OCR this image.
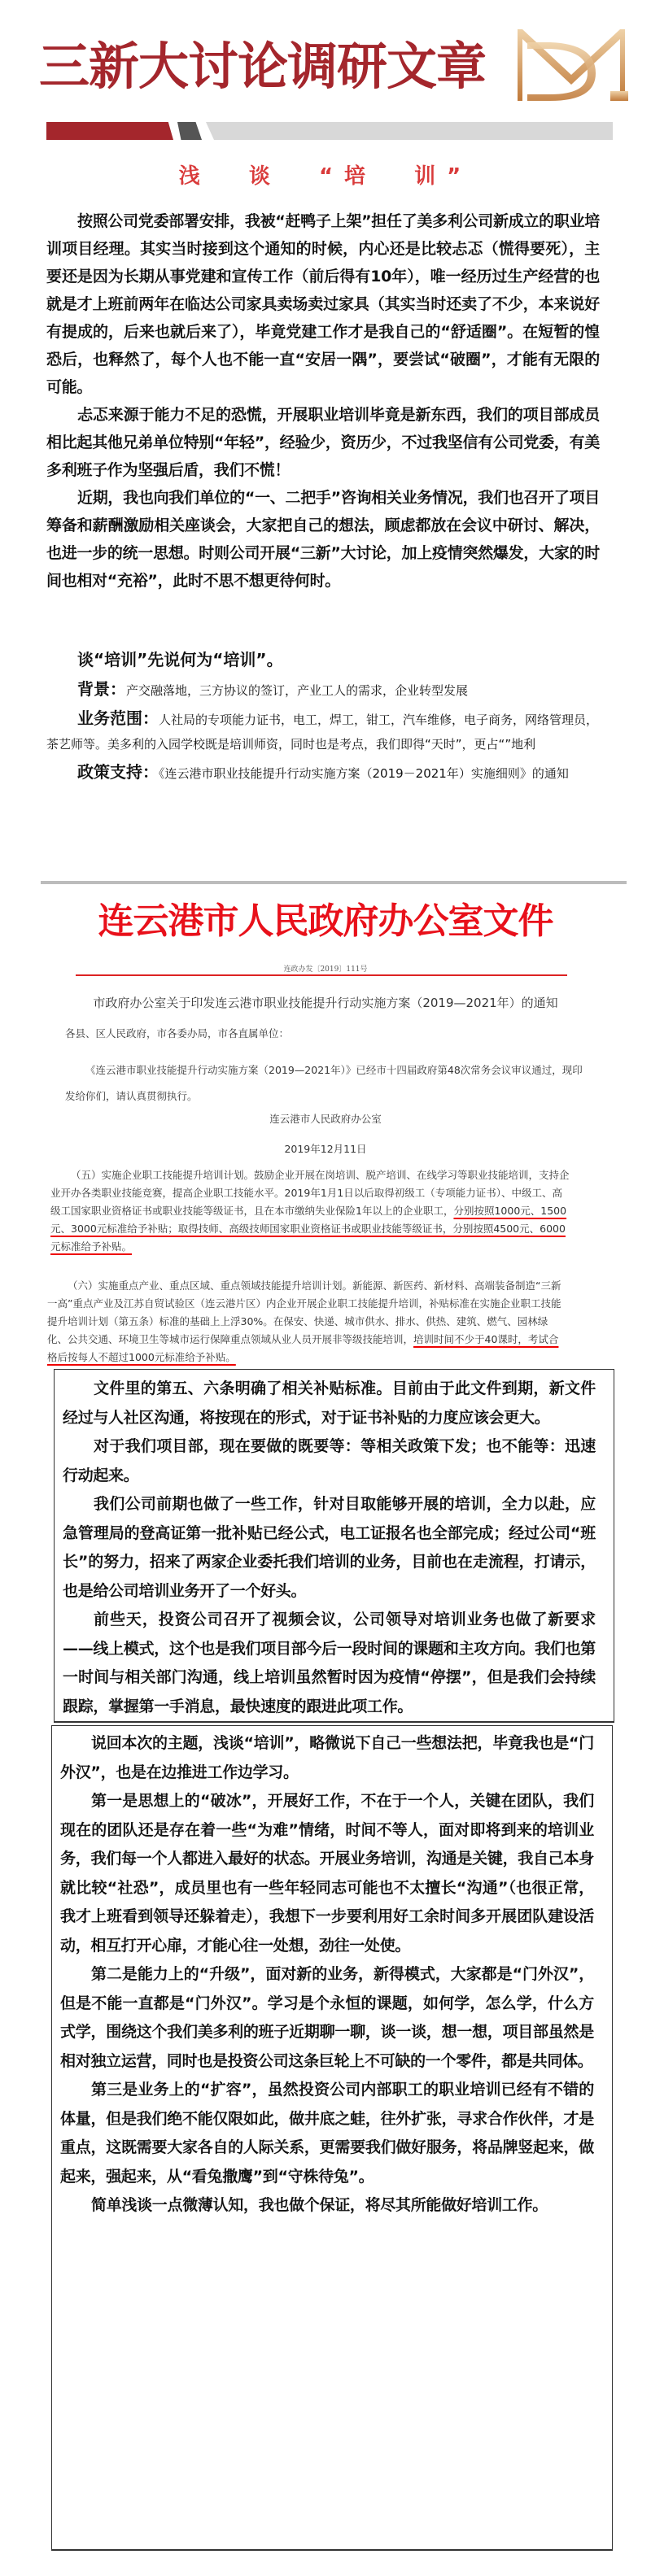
三新大讨论调研文章
浅  谈  “培  训”

按照公司党委部署安排，我被“赶鸭子上架”担任了美多利公司新成立的职业培训项目经理。其实当时接到这个通知的时候，内心还是比较忐忑（慌得要死），主要还是因为长期从事党建和宣传工作（前后得有10年），唯一经历过生产经营的也就是才上班前两年在临达公司家具卖场卖过家具（其实当时还卖了不少，本来说好有提成的，后来也就后来了），毕竟党建工作才是我自己的“舒适圈”。在短暂的惶恐后，也释然了，每个人也不能一直“安居一隅”，要尝试“破圈”，才能有无限的可能。

忐忑来源于能力不足的恐慌，开展职业培训毕竟是新东西，我们的项目部成员相比起其他兄弟单位特别“年轻”，经验少，资历少，不过我坚信有公司党委，有美多利班子作为坚强后盾，我们不慌！

近期，我也向我们单位的“一、二把手”咨询相关业务情况，我们也召开了项目筹备和薪酬激励相关座谈会，大家把自己的想法，顾虑都放在会议中研讨、解决，也进一步的统一思想。时则公司开展“三新”大讨论，加上疫情突然爆发，大家的时间也相对“充裕”，此时不思不想更待何时。

谈“培训”先说何为“培训”。

背景：产交融落地，三方协议的签订，产业工人的需求，企业转型发展

业务范围：人社局的专项能力证书，电工，焊工，钳工，汽车维修，电子商务，网络管理员，茶艺师等。美多利的入园学校既是培训师资，同时也是考点，我们即得“天时”，更占“”地利

政策支持：《连云港市职业技能提升行动实施方案（2019－2021年）实施细则》的通知

连云港市人民政府办公室文件
连政办发〔2019〕111号
市政府办公室关于印发连云港市职业技能提升行动实施方案（2019—2021年）的通知
各县、区人民政府，市各委办局，市各直属单位：
《连云港市职业技能提升行动实施方案（2019—2021年）》已经市十四届政府第48次常务会议审议通过，现印发给你们，请认真贯彻执行。
连云港市人民政府办公室
2019年12月11日

（五）实施企业职工技能提升培训计划。鼓励企业开展在岗培训、脱产培训、在线学习等职业技能培训，支持企业开办各类职业技能竞赛，提高企业职工技能水平。2019年1月1日以后取得初级工（专项能力证书）、中级工、高级工国家职业资格证书或职业技能等级证书，且在本市缴纳失业保险1年以上的企业职工，分别按照1000元、1500元、3000元标准给予补贴；取得技师、高级技师国家职业资格证书或职业技能等级证书，分别按照4500元、6000元标准给予补贴。

（六）实施重点产业、重点区域、重点领域技能提升培训计划。新能源、新医药、新材料、高端装备制造“三新一高”重点产业及江苏自贸试验区（连云港片区）内企业开展企业职工技能提升培训，补贴标准在实施企业职工技能提升培训计划（第五条）标准的基础上上浮30%。在保安、快递、城市供水、排水、供热、建筑、燃气、园林绿化、公共交通、环境卫生等城市运行保障重点领域从业人员开展非等级技能培训，培训时间不少于40课时，考试合格后按每人不超过1000元标准给予补贴。

文件里的第五、六条明确了相关补贴标准。目前由于此文件到期，新文件经过与人社区沟通，将按现在的形式，对于证书补贴的力度应该会更大。

对于我们项目部，现在要做的既要等：等相关政策下发；也不能等：迅速行动起来。

我们公司前期也做了一些工作，针对目取能够开展的培训，全力以赴，应急管理局的登高证第一批补贴已经公式，电工证报名也全部完成；经过公司“班长”的努力，招来了两家企业委托我们培训的业务，目前也在走流程，打请示，也是给公司培训业务开了一个好头。

前些天，投资公司召开了视频会议，公司领导对培训业务也做了新要求——线上模式，这个也是我们项目部今后一段时间的课题和主攻方向。我们也第一时间与相关部门沟通，线上培训虽然暂时因为疫情“停摆”，但是我们会持续跟踪，掌握第一手消息，最快速度的跟进此项工作。

说回本次的主题，浅谈“培训”，略微说下自己一些想法把，毕竟我也是“门外汉”，也是在边推进工作边学习。

第一是思想上的“破冰”，开展好工作，不在于一个人，关键在团队，我们现在的团队还是存在着一些“为难”情绪，时间不等人，面对即将到来的培训业务，我们每一个人都进入最好的状态。开展业务培训，沟通是关键，我自己本身就比较“社恐”，成员里也有一些年轻同志可能也不太擅长“沟通”（也很正常，我才上班看到领导还躲着走），我想下一步要利用好工余时间多开展团队建设活动，相互打开心扉，才能心往一处想，劲往一处使。

第二是能力上的“升级”，面对新的业务，新得模式，大家都是“门外汉”，但是不能一直都是“门外汉”。学习是个永恒的课题，如何学，怎么学，什么方式学，围绕这个我们美多利的班子近期聊一聊，谈一谈，想一想，项目部虽然是相对独立运营，同时也是投资公司这条巨轮上不可缺的一个零件，都是共同体。

第三是业务上的“扩容”，虽然投资公司内部职工的职业培训已经有不错的体量，但是我们绝不能仅限如此，做井底之蛙，往外扩张，寻求合作伙伴，才是重点，这既需要大家各自的人际关系，更需要我们做好服务，将品牌竖起来，做起来，强起来，从“看兔撒鹰”到“守株待兔”。

简单浅谈一点微薄认知，我也做个保证，将尽其所能做好培训工作。
